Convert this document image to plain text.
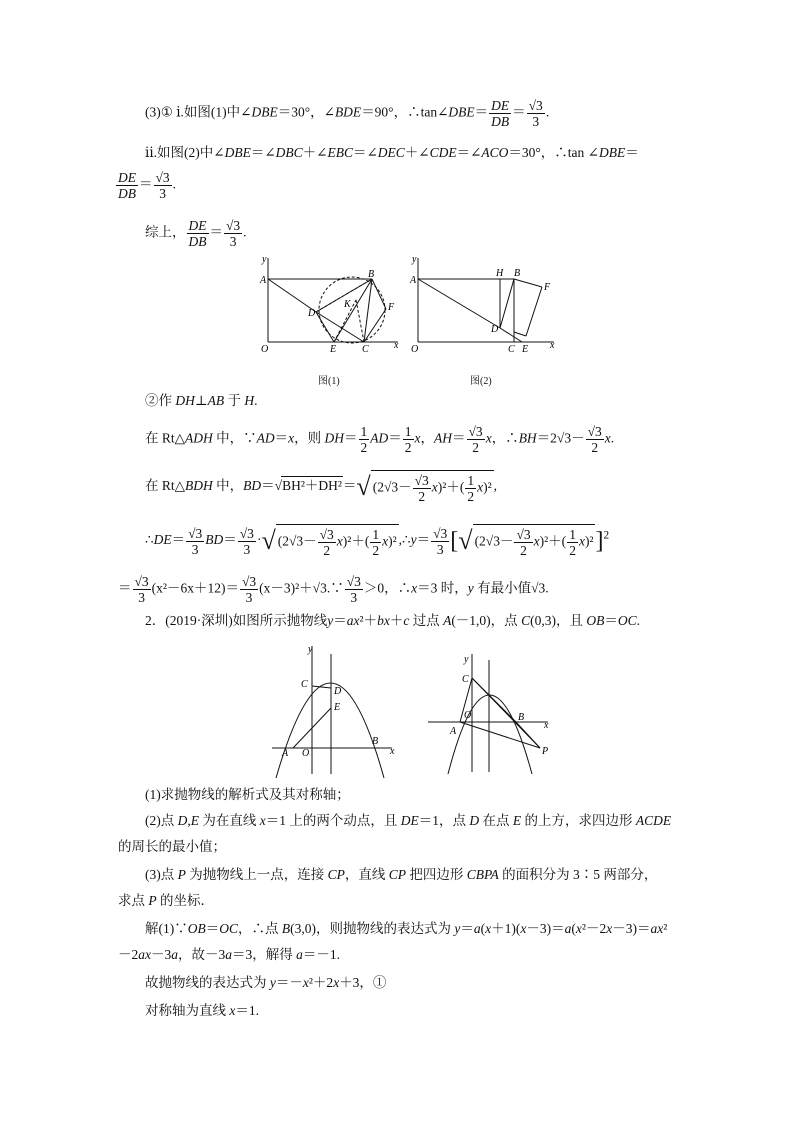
(3)① ⅰ.如图(1)中∠DBE＝30°，∠BDE＝90°，∴tan∠DBE＝ $\frac{DE}{DB} = \frac{√3}{3}$ .
ⅱ.如图(2)中∠DBE＝∠DBC＋∠EBC＝∠DEC＋∠CDE＝∠ACO＝30°，∴tan ∠DBE＝
$\frac{DE}{DB} = \frac{√3}{3}$ .
综上， $\frac{DE}{DB} = \frac{√3}{3}$ .
y
A
B
K	F
D
O	E	C	x
图(1)
y
A
H B
F
D
O	C E x
图(2)
②作 DH⊥AB 于 H.
在 Rt△ADH 中，∵AD＝x，则 $DH= \frac{1}{2} AD= \frac{1}{2}$ x，$AH= \frac{√3}{2}$ x，∴BH＝2√3－ $\frac{√3}{2} x$.
在 Rt△BDH 中，BD＝√BH²＋DH²＝√ $(2√3- \frac{√3}{2} x)^2+( \frac{1}{2} x)^2$ ,
∴DE＝ $\frac{√3}{3} BD= \frac{√3}{3}$ ·√ $(2√3- \frac{√3}{2} x)^2+( \frac{1}{2} x)^2$ ,∴y＝ $\frac{√3}{3}$ [√ $(2√3- \frac{√3}{2} x)^2+( \frac{1}{2} x)^2]^2$
＝ $\frac{√3}{3} (x^2-6x+12)= \frac{√3}{3}$ (x－3)²＋√3.∵ $\frac{√3}{3} >0$，∴x＝3 时，y 有最小值√3.
2．(2019·深圳)如图所示抛物线y＝ax²＋bx＋c 过点 A(－1,0)，点 C(0,3)，且 OB＝OC.
y
C
D
E
A O
B
x
y
C
O
A
B
P
x
(1)求抛物线的解析式及其对称轴；
(2)点 D,E 为在直线 x＝1 上的两个动点，且 DE＝1，点 D 在点 E 的上方，求四边形 ACDE
的周长的最小值；
(3)点 P 为抛物线上一点，连接 CP，直线 CP 把四边形 CBPA 的面积分为 3∶5 两部分，
求点 P 的坐标．
解(1)∵OB＝OC，∴点 B(3,0)，则抛物线的表达式为 y＝a(x＋1)(x－3)＝a(x²－2x－3)＝ax²
－2ax－3a，故－3a＝3，解得 a＝－1.
故抛物线的表达式为 y＝－x²＋2x＋3，①
对称轴为直线 x＝1.
